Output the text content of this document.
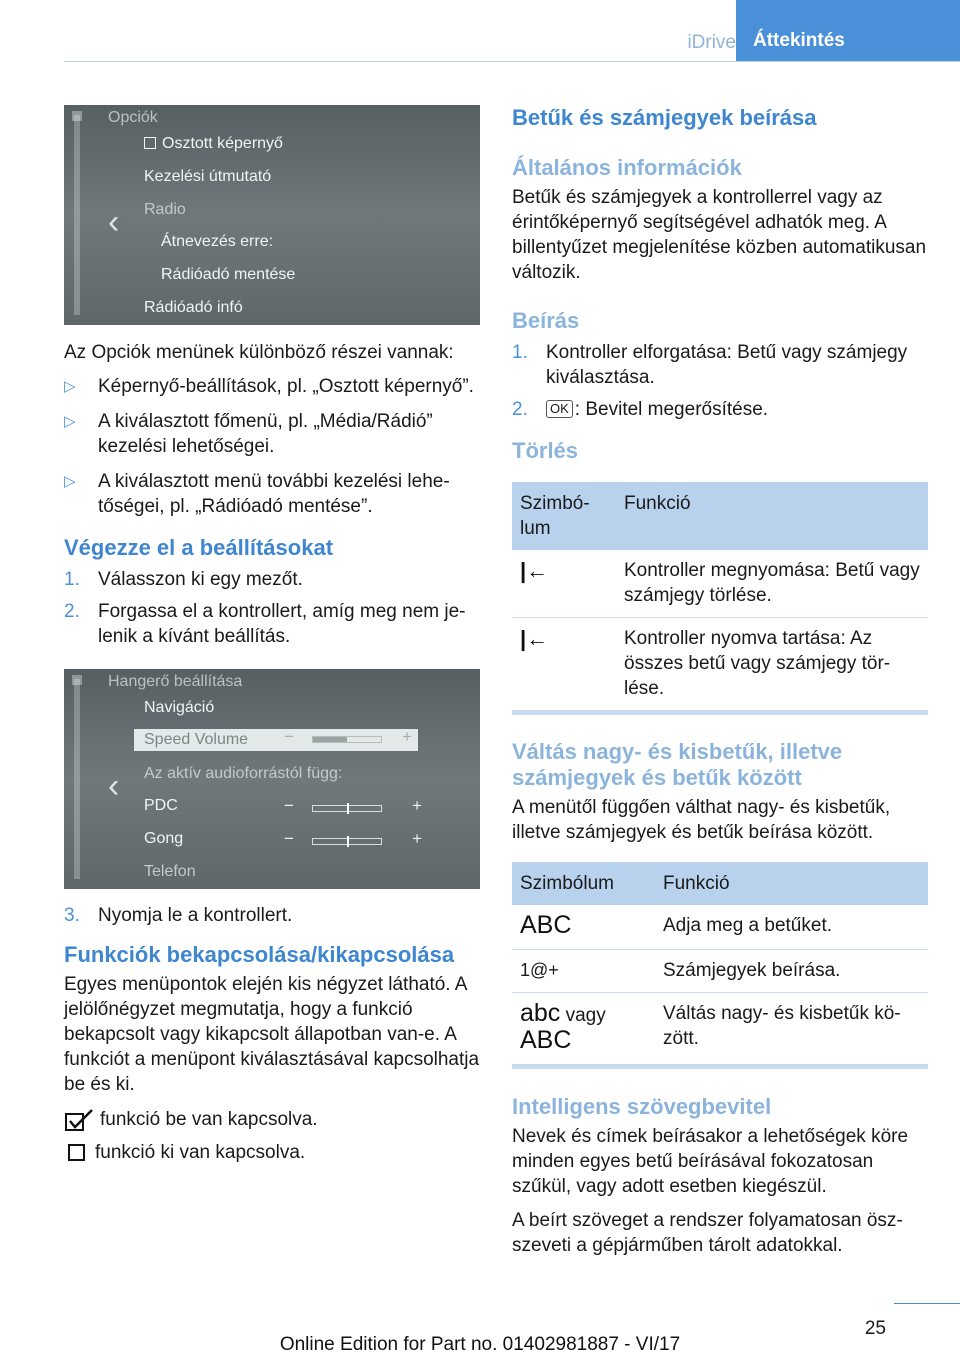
iDrive Áttekintés
‹
Opciók
Osztott képernyő
Kezelési útmutató
Radio
Átnevezés erre:
Rádióadó mentése
Rádióadó infó

Az Opciók menünek különböző részei vannak:

▷ Képernyő-beállítások, pl. „Osztott képernyő”.
▷ A kiválasztott főmenü, pl. „Média/Rádió” kezelési lehetőségei.
▷ A kiválasztott menü további kezelési lehetőségei, pl. „Rádióadó mentése”.
Végezze el a beállításokat
1. Válasszon ki egy mezőt.
2. Forgassa el a kontrollert, amíg meg nem jelenik a kívánt beállítás.
‹
Hangerő beállítása
Navigáció
Speed Volume −	+
Az aktív audioforrástól függ:
PDC	−	+
Gong	−	+
Telefon
3. Nyomja le a kontrollert.
Funkciók bekapcsolása/kikapcsolása

Egyes menüpontok elején kis négyzet látható. A jelölőnégyzet megmutatja, hogy a funkció bekapcsolt vagy kikapcsolt állapotban van-e. A funkciót a menüpont kiválasztásával kapcsolhatja be és ki.

funkció be van kapcsolva.
funkció ki van kapcsolva.
Betűk és számjegyek beírása
Általános információk

Betűk és számjegyek a kontrollerrel vagy az érintőképernyő segítségével adhatók meg. A billentyűzet megjelenítése közben automatikusan változik.

Beírás
1. Kontroller elforgatása: Betű vagy számjegy kiválasztása.
2. OK : Bevitel megerősítése.
Törlés
Szimbólum	Funkció
|←	Kontroller megnyomása: Betű vagy számjegy törlése.
|←	Kontroller nyomva tartása: Az összes betű vagy számjegy törlése.
Váltás nagy- és kisbetűk, illetve számjegyek és betűk között

A menütől függően válthat nagy- és kisbetűk, illetve számjegyek és betűk beírása között.

Szimbólum	Funkció
ABC	Adja meg a betűket.
1@+	Számjegyek beírása.
abc vagy
ABC	Váltás nagy- és kisbetűk között.
Intelligens szövegbevitel

Nevek és címek beírásakor a lehetőségek köre minden egyes betű beírásával fokozatosan szűkül, vagy adott esetben kiegészül.

A beírt szöveget a rendszer folyamatosan öszszeveti a gépjárműben tárolt adatokkal.

25
Online Edition for Part no. 01402981887 - VI/17
